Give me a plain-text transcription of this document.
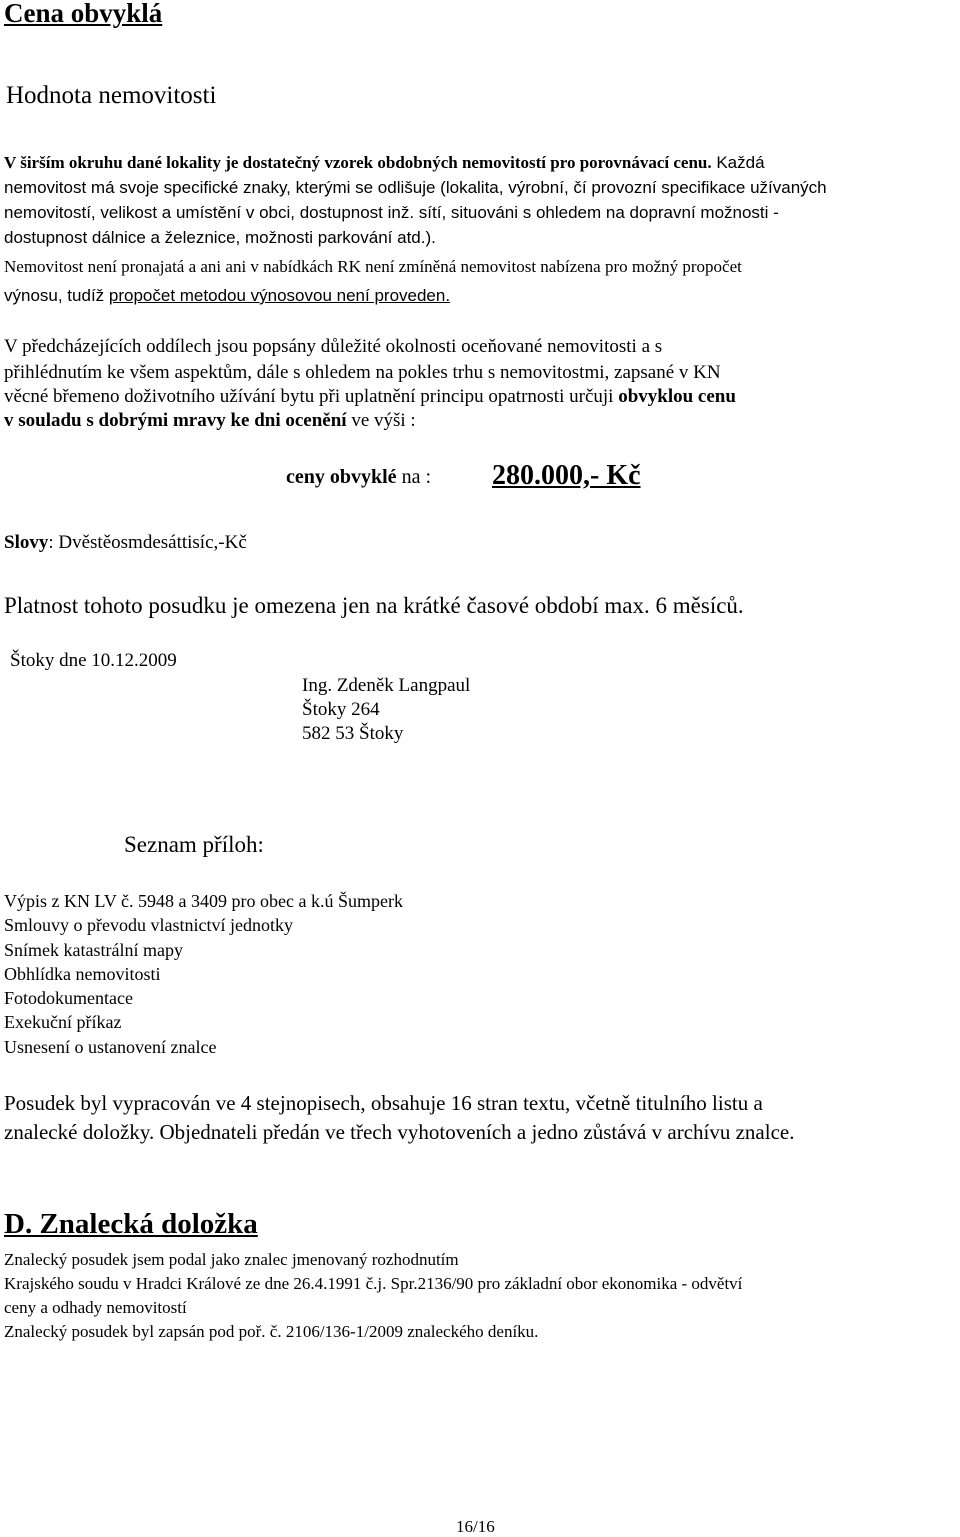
Cena obvyklá
Hodnota nemovitosti
V širším okruhu dané lokality je dostatečný vzorek obdobných nemovitostí pro porovnávací cenu. Každá
nemovitost má svoje specifické znaky, kterými se odlišuje (lokalita, výrobní, čí provozní specifikace užívaných
nemovitostí, velikost a umístění v obci, dostupnost inž. sítí, situováni s ohledem na dopravní možnosti -
dostupnost dálnice a železnice, možnosti parkování atd.).
Nemovitost není pronajatá a ani ani v nabídkách RK není zmíněná nemovitost nabízena pro možný propočet
výnosu, tudíž propočet metodou výnosovou není proveden.
V předcházejících oddílech jsou popsány důležité okolnosti oceňované nemovitosti a s
přihlédnutím ke všem aspektům, dále s ohledem na pokles trhu s nemovitostmi, zapsané v KN
věcné břemeno doživotního užívání bytu při uplatnění principu opatrnosti určuji obvyklou cenu
v souladu s dobrými mravy ke dni ocenění ve výši :
ceny obvyklé na : 280.000,- Kč
Slovy: Dvěstěosmdesáttisíc,-Kč
Platnost tohoto posudku je omezena jen na krátké časové období max. 6 měsíců.
Štoky dne 10.12.2009
Ing. Zdeněk Langpaul
Štoky 264
582 53 Štoky
Seznam příloh:
Výpis z KN LV č. 5948 a 3409 pro obec a k.ú Šumperk
Smlouvy o převodu vlastnictví jednotky
Snímek katastrální mapy
Obhlídka nemovitosti
Fotodokumentace
Exekuční příkaz
Usnesení o ustanovení znalce
Posudek byl vypracován ve 4 stejnopisech, obsahuje 16 stran textu, včetně titulního listu a
znalecké doložky. Objednateli předán ve třech vyhotoveních a jedno zůstává v archívu znalce.
D. Znalecká doložka
Znalecký posudek jsem podal jako znalec jmenovaný rozhodnutím
Krajského soudu v Hradci Králové ze dne 26.4.1991 č.j. Spr.2136/90 pro základní obor ekonomika - odvětví
ceny a odhady nemovitostí
Znalecký posudek byl zapsán pod poř. č. 2106/136-1/2009 znaleckého deníku.
16/16
